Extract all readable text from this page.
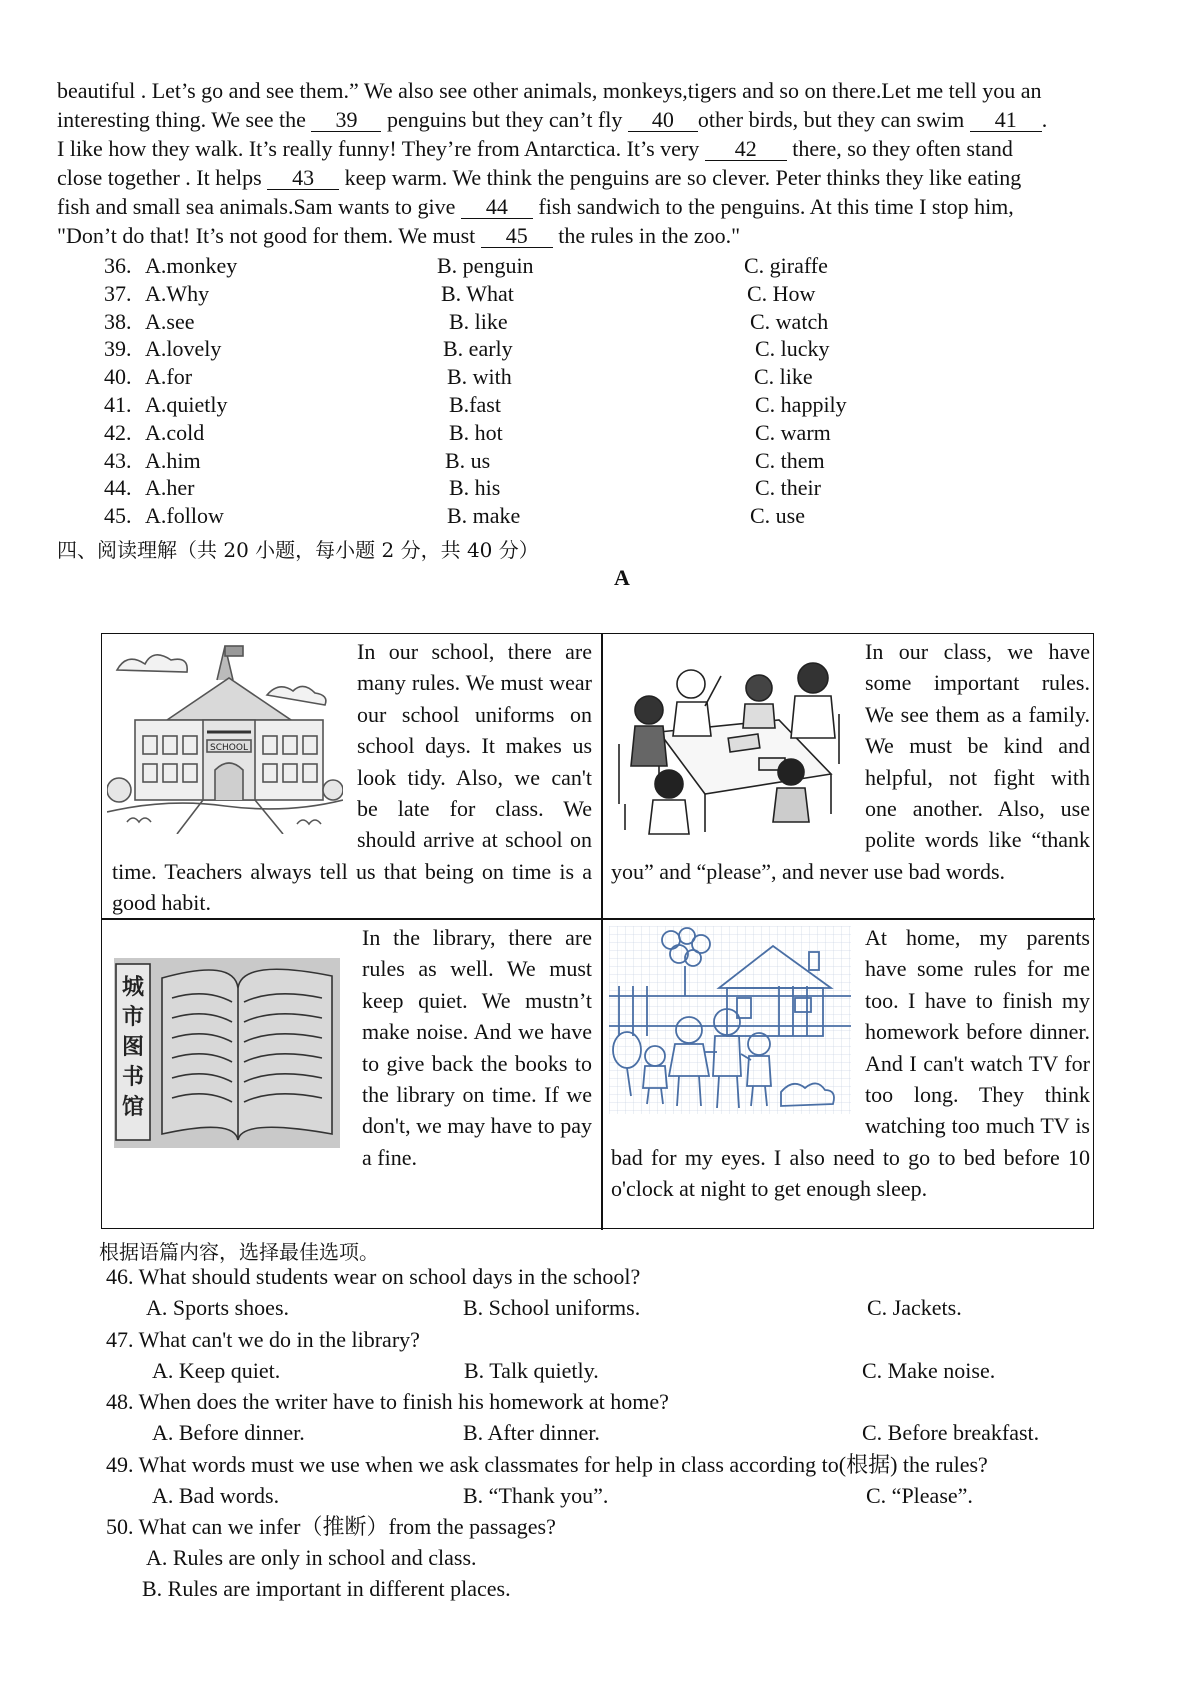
beautiful . Let’s go and see them.” We also see other animals, monkeys,tigers and so on there.Let me tell you an
interesting thing. We see the 39 penguins but they can’t fly 40 other birds, but they can swim 41 .
I like how they walk. It’s really funny! They’re from Antarctica. It’s very 42 there, so they often stand
close together . It helps 43 keep warm. We think the penguins are so clever. Peter thinks they like eating
fish and small sea animals.Sam wants to give 44 fish sandwich to the penguins. At this time I stop him,
"Don’t do that! It’s not good for them. We must 45 the rules in the zoo."
36. A.monkey	B. penguin	C. giraffe
37. A.Why	B. What	C. How
38. A.see	B. like	C. watch
39. A.lovely	B. early	C. lucky
40. A.for	B. with	C. like
41. A.quietly	B.fast	C. happily
42. A.cold	B. hot	C. warm
43. A.him	B. us	C. them
44. A.her	B. his	C. their
45. A.follow	B. make	C. use
四、阅读理解（共 20 小题，每小题 2 分，共 40 分）
A
SCHOOL
In our school, there are many rules. We must wear our school uniforms on school days. It makes us look tidy. Also, we can't be late for class. We should arrive at school on time. Teachers always tell us that being on time is a good habit.
In our class, we have some important rules. We see them as a family. We must be kind and helpful, not fight with one another. Also, use polite words like “thank you” and “please”, and never use bad words.
城
市
图
书
馆
In the library, there are rules as well. We must keep quiet. We mustn’t make noise. And we have to give back the books to the library on time. If we don't, we may have to pay a fine.
At home, my parents have some rules for me too. I have to finish my homework before dinner. And I can't watch TV for too long. They think watching too much TV is bad for my eyes. I also need to go to bed before 10 o'clock at night to get enough sleep.
根据语篇内容，选择最佳选项。
46. What should students wear on school days in the school?
A. Sports shoes.	B. School uniforms.	C. Jackets.
47. What can't we do in the library?
A. Keep quiet.	B. Talk quietly.	C. Make noise.
48. When does the writer have to finish his homework at home?
A. Before dinner.	B. After dinner.	C. Before breakfast.
49. What words must we use when we ask classmates for help in class according to(根据) the rules?
A. Bad words.	B. “Thank you”.	C. “Please”.
50. What can we infer（推断）from the passages?
A. Rules are only in school and class.
B. Rules are important in different places.
